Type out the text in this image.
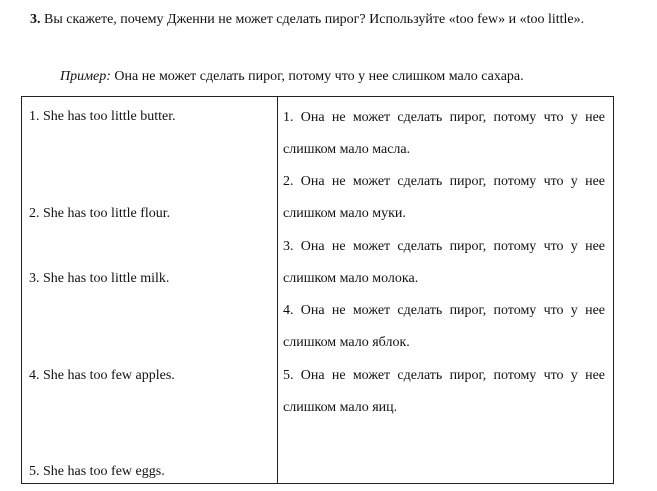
3. Вы скажете, почему Дженни не может сделать пирог? Используйте «too few» и «too little».

Пример: Она не может сделать пирог, потому что у нее слишком мало сахара.

1. She has too little butter.
2. She has too little flour.
3. She has too little milk.
4. She has too few apples.
5. She has too few eggs.

1. Она не может сделать пирог, потому что у нее

слишком мало масла.

2. Она не может сделать пирог, потому что у нее

слишком мало муки.

3. Она не может сделать пирог, потому что у нее

слишком мало молока.

4. Она не может сделать пирог, потому что у нее

слишком мало яблок.

5. Она не может сделать пирог, потому что у нее

слишком мало яиц.
